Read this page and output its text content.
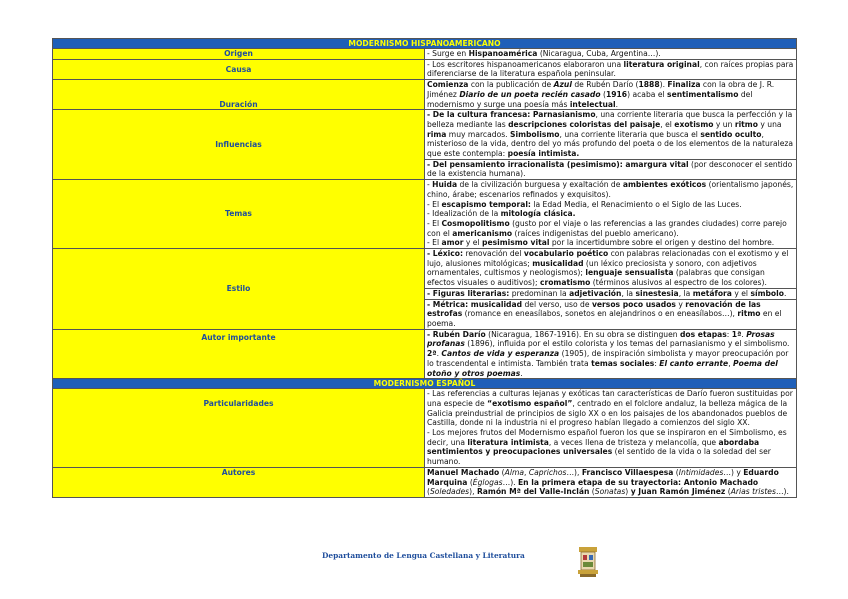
MODERNISMO HISPANOAMERICANO	
Origen	- Surge en Hispanoamérica (Nicaragua, Cuba, Argentina…).
Causa	- Los escritores hispanoamericanos elaboraron una literatura original, con raíces propias para diferenciarse de la literatura española peninsular.
Duración	Comienza con la publicación de Azul de Rubén Darío (1888). Finaliza con la obra de J. R. Jiménez Diario de un poeta recién casado (1916) acaba el sentimentalismo del modernismo y surge una poesía más intelectual.
Influencias	- De la cultura francesa: Parnasianismo, una corriente literaria que busca la perfección y la belleza mediante las descripciones coloristas del paisaje, el exotismo y un ritmo y una rima muy marcados. Simbolismo, una corriente literaria que busca el sentido oculto, misterioso de la vida, dentro del yo más profundo del poeta o de los elementos de la naturaleza que este contempla: poesía intimista.
	- Del pensamiento irracionalista (pesimismo): amargura vital (por desconocer el sentido de la existencia humana).
Temas	- Huida de la civilización burguesa y exaltación de ambientes exóticos (orientalismo japonés, chino, árabe; escenarios refinados y exquisitos).
- El escapismo temporal: la Edad Media, el Renacimiento o el Siglo de las Luces.
- Idealización de la mitología clásica.
- El Cosmopolitismo (gusto por el viaje o las referencias a las grandes ciudades) corre parejo con el americanismo (raíces indigenistas del pueblo americano).
- El amor y el pesimismo vital por la incertidumbre sobre el origen y destino del hombre.

Estilo	- Léxico: renovación del vocabulario poético con palabras relacionadas con el exotismo y el lujo, alusiones mitológicas; musicalidad (un léxico preciosista y sonoro, con adjetivos ornamentales, cultismos y neologismos); lenguaje sensualista (palabras que consigan efectos visuales o auditivos); cromatismo (términos alusivos al espectro de los colores).
	- Figuras literarias: predominan la adjetivación, la sinestesia, la metáfora y el símbolo.
	- Métrica: musicalidad del verso, uso de versos poco usados y renovación de las estrofas (romance en eneasílabos, sonetos en alejandrinos o en eneasílabos…), ritmo en el poema.
Autor importante	- Rubén Darío (Nicaragua, 1867-1916). En su obra se distinguen dos etapas: 1ª. Prosas profanas (1896), influida por el estilo colorista y los temas del parnasianismo y el simbolismo. 2ª. Cantos de vida y esperanza (1905), de inspiración simbolista y mayor preocupación por lo trascendental e intimista. También trata temas sociales: El canto errante, Poema del otoño y otros poemas.
MODERNISMO ESPAÑOL	
Particularidades	- Las referencias a culturas lejanas y exóticas tan características de Darío fueron sustituidas por una especie de “exotismo español”, centrado en el folclore andaluz, la belleza mágica de la Galicia preindustrial de principios de siglo XX o en los paisajes de los abandonados pueblos de Castilla, donde ni la industria ni el progreso habían llegado a comienzos del siglo XX.
- Los mejores frutos del Modernismo español fueron los que se inspiraron en el Simbolismo, es decir, una literatura intimista, a veces llena de tristeza y melancolía, que abordaba sentimientos y preocupaciones universales (el sentido de la vida o la soledad del ser humano.

Autores	Manuel Machado (Alma, Caprichos…), Francisco Villaespesa (Intimidades…) y Eduardo Marquina (Églogas…). En la primera etapa de su trayectoria: Antonio Machado (Soledades), Ramón Mª del Valle-Inclán (Sonatas) y Juan Ramón Jiménez (Arias tristes…).
Departamento de Lengua Castellana y Literatura
